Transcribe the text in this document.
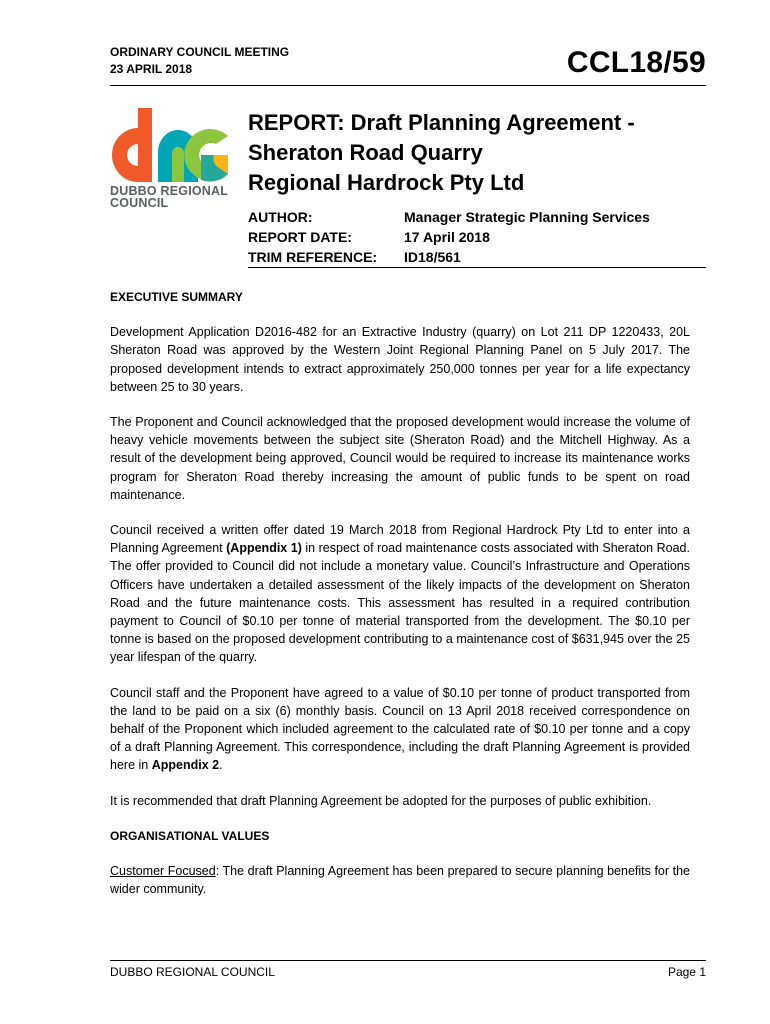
ORDINARY COUNCIL MEETING
23 APRIL 2018	CCL18/59
DUBBO REGIONAL
COUNCIL
REPORT: Draft Planning Agreement -
Sheraton Road Quarry
Regional Hardrock Pty Ltd
AUTHOR:	Manager Strategic Planning Services
REPORT DATE:	17 April 2018
TRIM REFERENCE:	ID18/561
EXECUTIVE SUMMARY

Development Application D2016-482 for an Extractive Industry (quarry) on Lot 211 DP 1220433, 20L Sheraton Road was approved by the Western Joint Regional Planning Panel on 5 July 2017. The proposed development intends to extract approximately 250,000 tonnes per year for a life expectancy between 25 to 30 years.

The Proponent and Council acknowledged that the proposed development would increase the volume of heavy vehicle movements between the subject site (Sheraton Road) and the Mitchell Highway. As a result of the development being approved, Council would be required to increase its maintenance works program for Sheraton Road thereby increasing the amount of public funds to be spent on road maintenance.

Council received a written offer dated 19 March 2018 from Regional Hardrock Pty Ltd to enter into a Planning Agreement (Appendix 1) in respect of road maintenance costs associated with Sheraton Road. The offer provided to Council did not include a monetary value. Council’s Infrastructure and Operations Officers have undertaken a detailed assessment of the likely impacts of the development on Sheraton Road and the future maintenance costs. This assessment has resulted in a required contribution payment to Council of $0.10 per tonne of material transported from the development. The $0.10 per tonne is based on the proposed development contributing to a maintenance cost of $631,945 over the 25 year lifespan of the quarry.

Council staff and the Proponent have agreed to a value of $0.10 per tonne of product transported from the land to be paid on a six (6) monthly basis. Council on 13 April 2018 received correspondence on behalf of the Proponent which included agreement to the calculated rate of $0.10 per tonne and a copy of a draft Planning Agreement. This correspondence, including the draft Planning Agreement is provided here in Appendix 2.

It is recommended that draft Planning Agreement be adopted for the purposes of public exhibition.

ORGANISATIONAL VALUES

Customer Focused: The draft Planning Agreement has been prepared to secure planning benefits for the wider community.

DUBBO REGIONAL COUNCIL	Page 1
